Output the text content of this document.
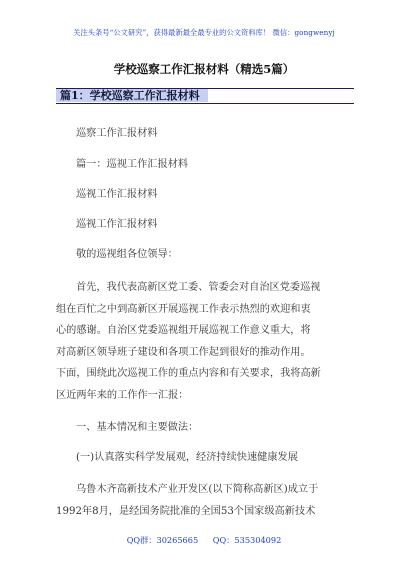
关注头条号“公文研究”，获得最新最全最专业的公文资料库！ 微信：gongwenyj
学校巡察工作汇报材料（精选5篇）
篇1：学校巡察工作汇报材料
巡察工作汇报材料
篇一：巡视工作汇报材料
巡视工作汇报材料
巡视工作汇报材料
敬的巡视组各位领导：
首先，我代表高新区党工委、管委会对自治区党委巡视
组在百忙之中到高新区开展巡视工作表示热烈的欢迎和衷
心的感谢。自治区党委巡视组开展巡视工作意义重大，将
对高新区领导班子建设和各项工作起到很好的推动作用。
下面，围绕此次巡视工作的重点内容和有关要求，我将高新
区近两年来的工作作一汇报：
一、基本情况和主要做法：
(一)认真落实科学发展观，经济持续快速健康发展
乌鲁木齐高新技术产业开发区(以下简称高新区)成立于
1992年8月，是经国务院批准的全国53个国家级高新技术
QQ群：30265665 QQ：535304092
